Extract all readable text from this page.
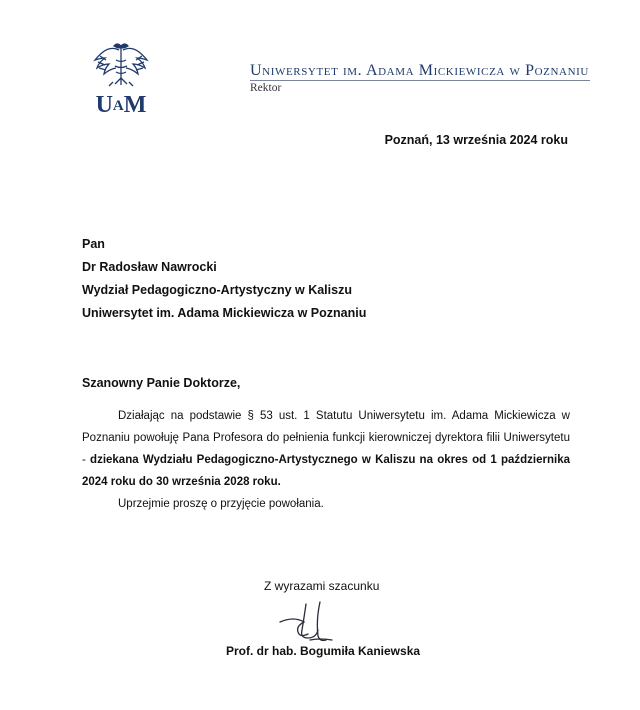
UAM
Uniwersytet im. Adama Mickiewicza w Poznaniu
Rektor
Poznań, 13 września 2024 roku
Pan
Dr Radosław Nawrocki
Wydział Pedagogiczno-Artystyczny w Kaliszu
Uniwersytet im. Adama Mickiewicza w Poznaniu
Szanowny Panie Doktorze,
Działając na podstawie § 53 ust. 1 Statutu Uniwersytetu im. Adama Mickiewicza w Poznaniu powołuję Pana Profesora do pełnienia funkcji kierowniczej dyrektora filii Uniwersytetu - dziekana Wydziału Pedagogiczno-Artystycznego w Kaliszu na okres od 1 października 2024 roku do 30 września 2028 roku.
Uprzejmie proszę o przyjęcie powołania.
Z wyrazami szacunku
Prof. dr hab. Bogumiła Kaniewska
